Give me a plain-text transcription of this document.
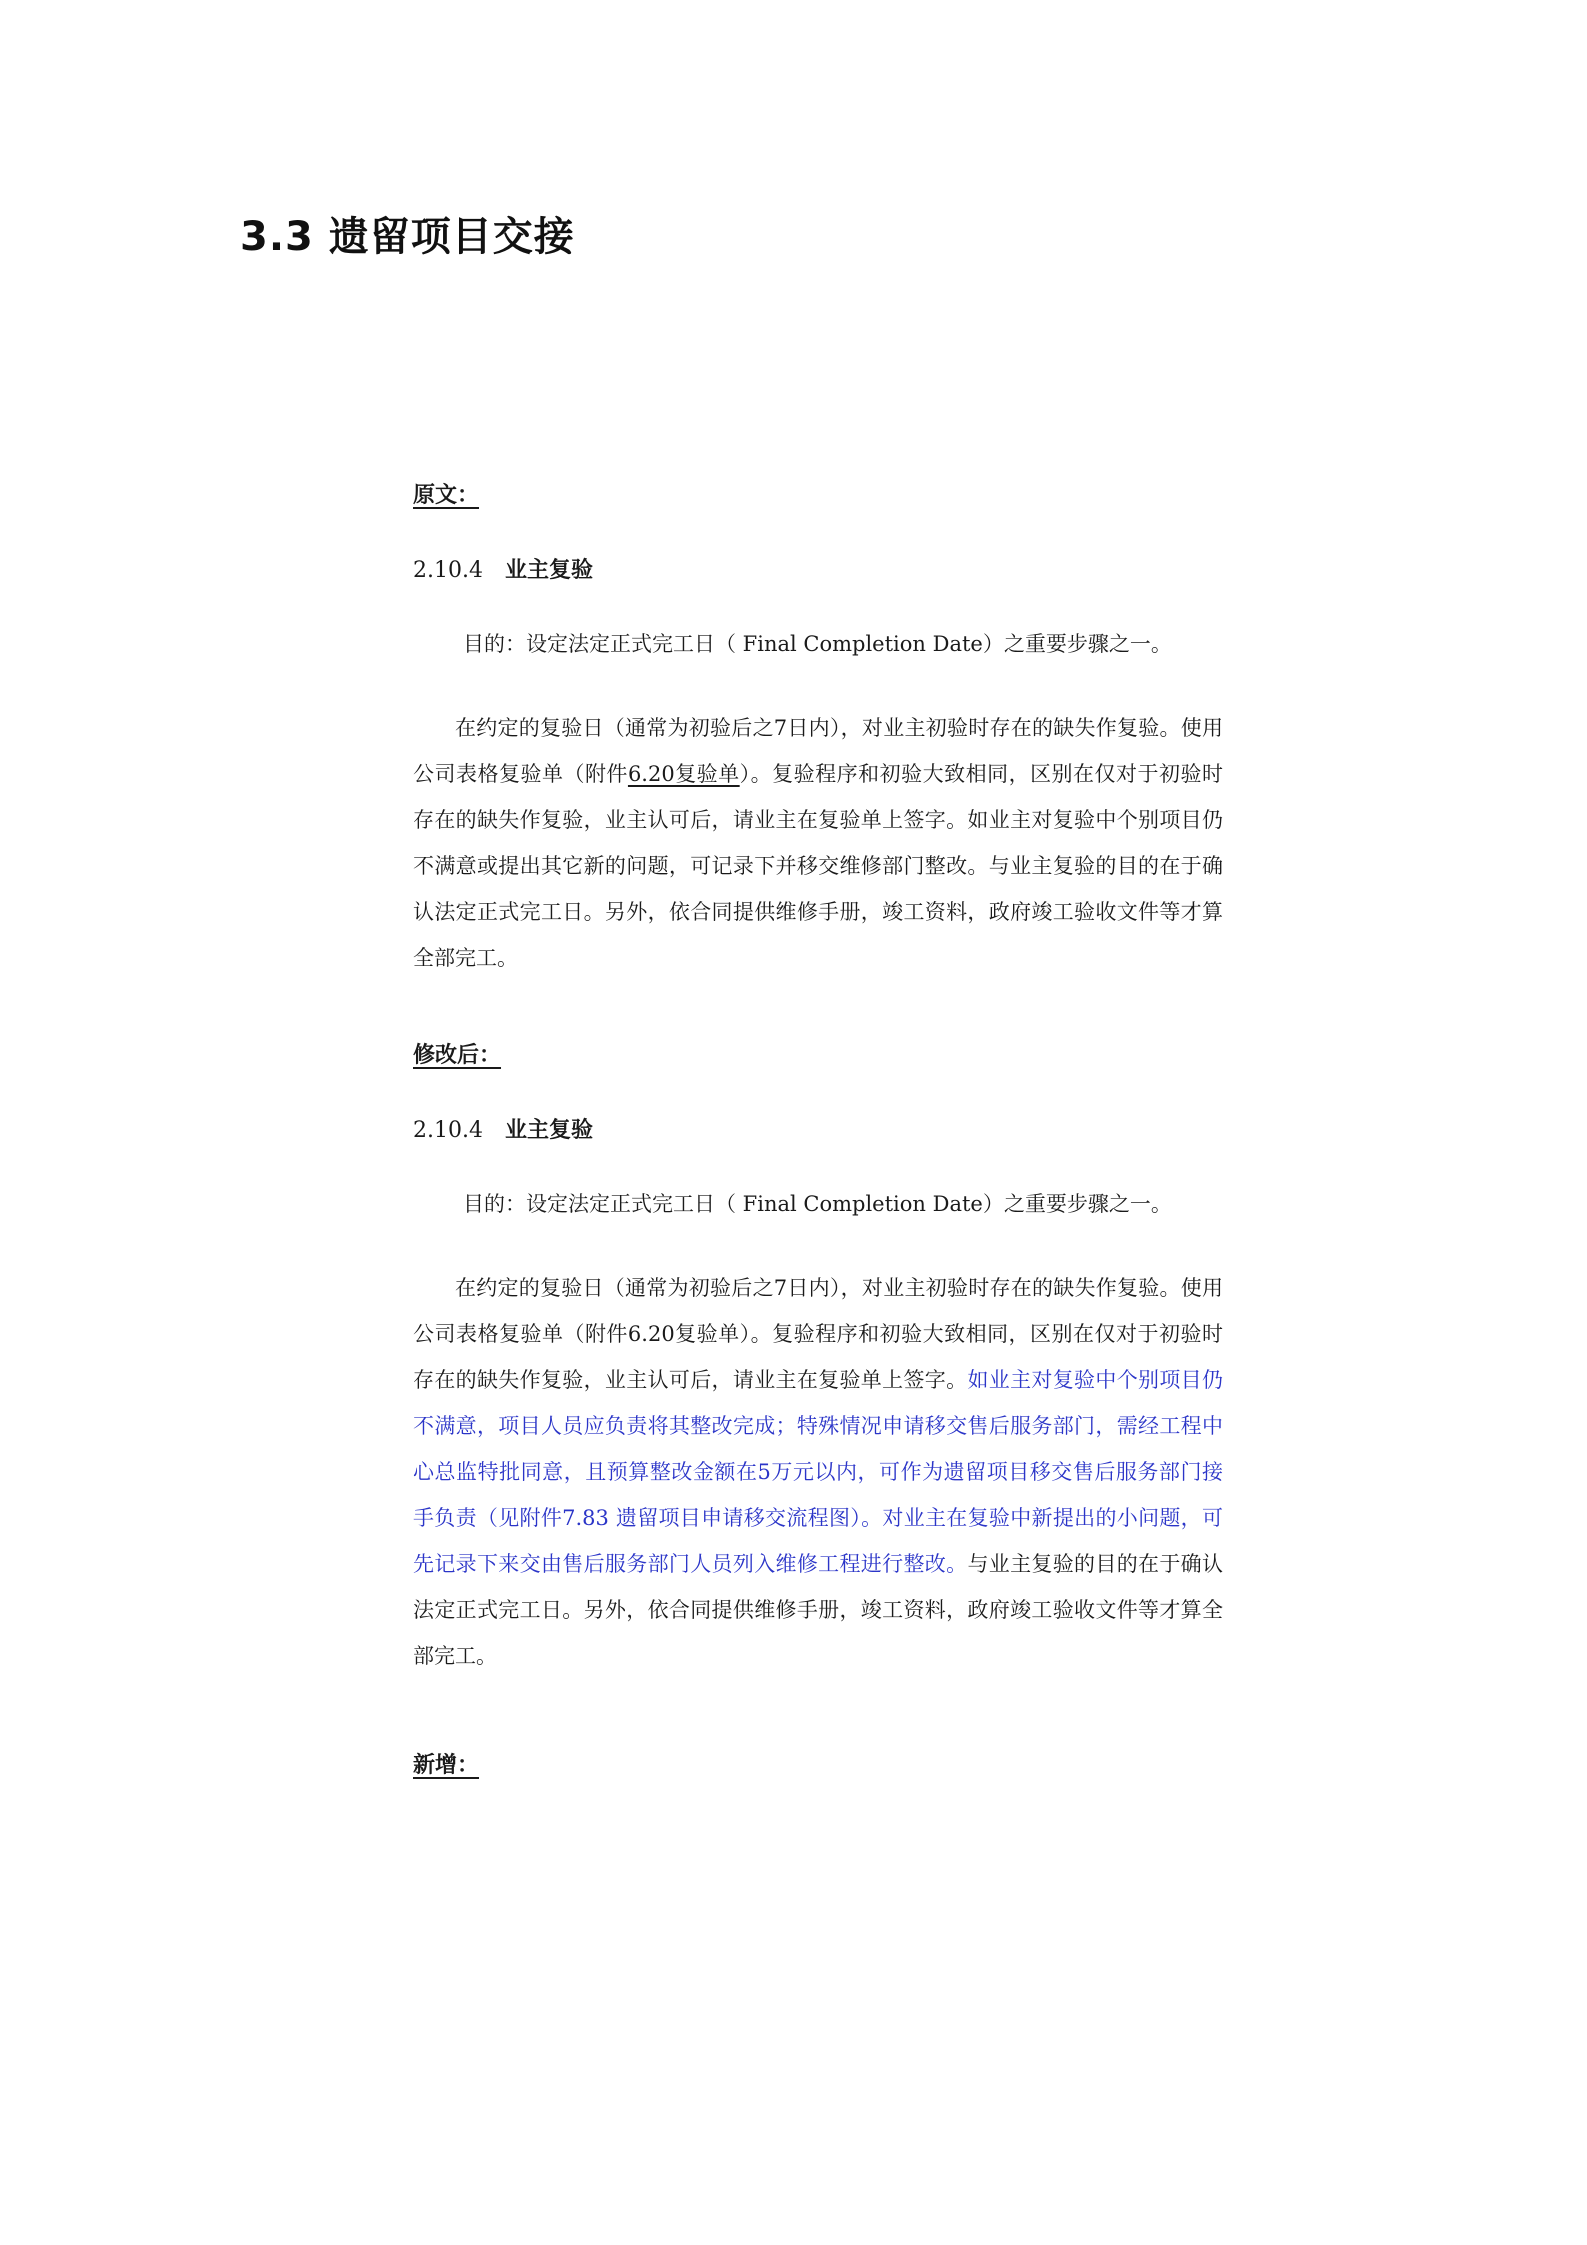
3.3 遗留项目交接
原文：
2.10.4 业主复验
目的：设定法定正式完工日（ Final Completion Date）之重要步骤之一。
在约定的复验日（通常为初验后之7日内），对业主初验时存在的缺失作复验。使用公司表格复验单（附件6.20复验单）。复验程序和初验大致相同，区别在仅对于初验时存在的缺失作复验，业主认可后，请业主在复验单上签字。如业主对复验中个别项目仍不满意或提出其它新的问题，可记录下并移交维修部门整改。与业主复验的目的在于确认法定正式完工日。另外，依合同提供维修手册，竣工资料，政府竣工验收文件等才算全部完工。
修改后：
2.10.4 业主复验
目的：设定法定正式完工日（ Final Completion Date）之重要步骤之一。
在约定的复验日（通常为初验后之7日内），对业主初验时存在的缺失作复验。使用公司表格复验单（附件6.20复验单）。复验程序和初验大致相同，区别在仅对于初验时存在的缺失作复验，业主认可后，请业主在复验单上签字。如业主对复验中个别项目仍不满意，项目人员应负责将其整改完成；特殊情况申请移交售后服务部门，需经工程中心总监特批同意，且预算整改金额在5万元以内，可作为遗留项目移交售后服务部门接手负责（见附件7.83 遗留项目申请移交流程图）。对业主在复验中新提出的小问题，可先记录下来交由售后服务部门人员列入维修工程进行整改。与业主复验的目的在于确认法定正式完工日。另外，依合同提供维修手册，竣工资料，政府竣工验收文件等才算全部完工。
新增：
